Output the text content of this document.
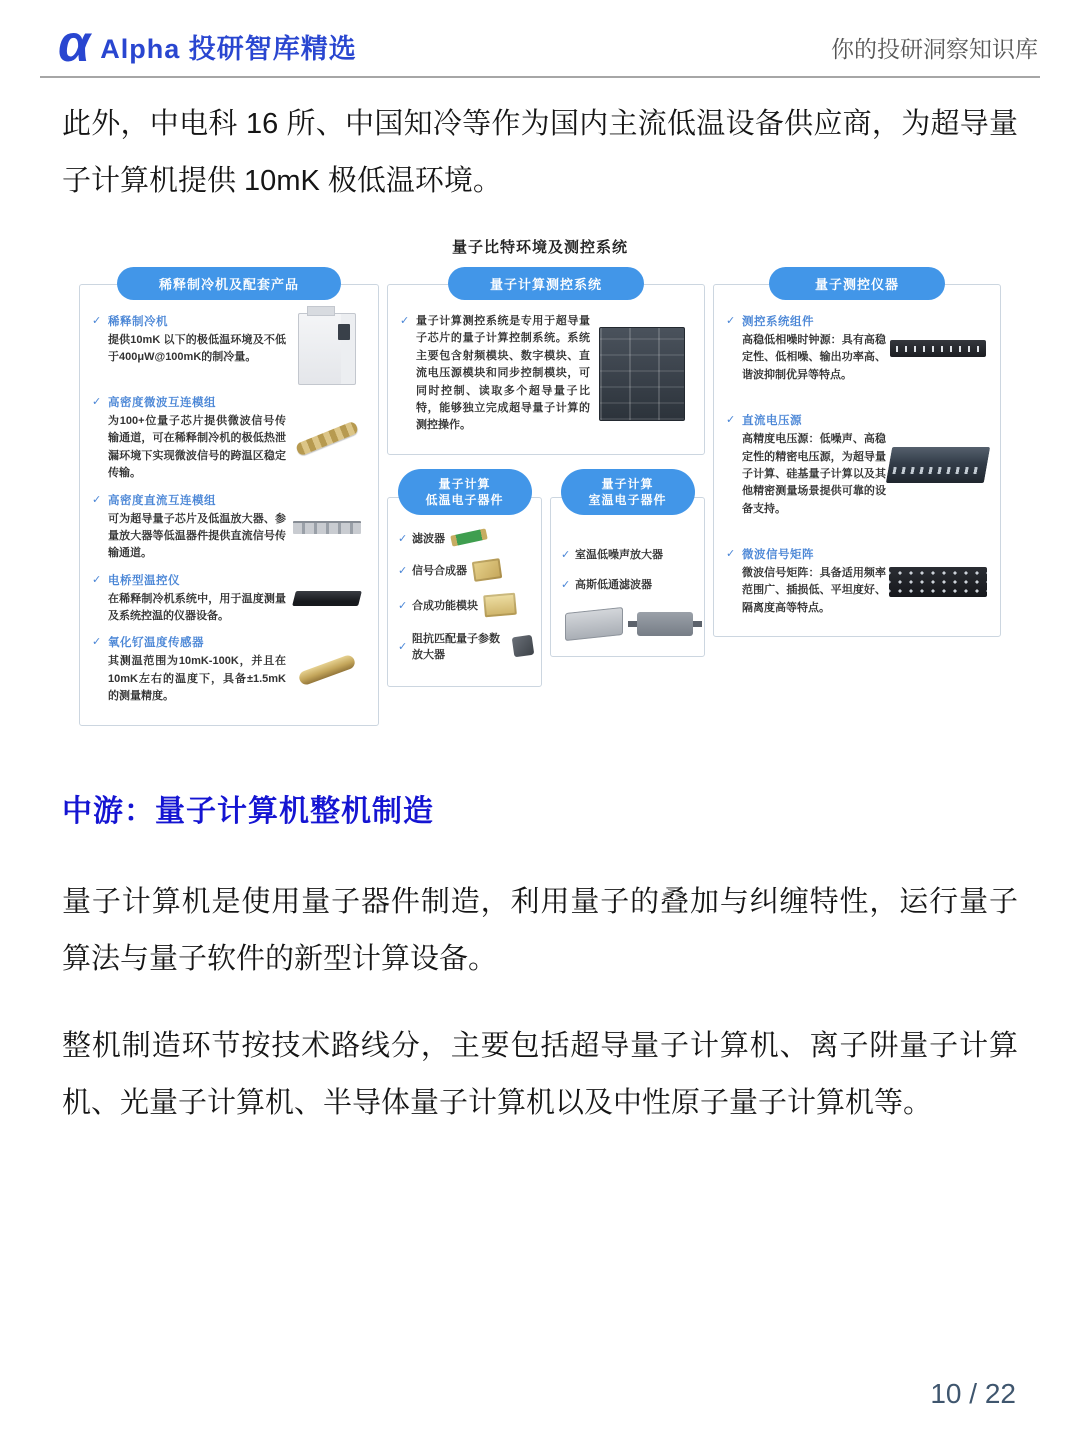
α Alpha 投研智库精选	你的投研洞察知识库

此外，中电科 16 所、中国知冷等作为国内主流低温设备供应商，为超导量子计算机提供 10mK 极低温环境。

量子比特环境及测控系统
稀释制冷机及配套产品
✓ 稀释制冷机
提供10mK 以下的极低温环境及不低于400μW@100mK的制冷量。
✓ 高密度微波互连模组
为100+位量子芯片提供微波信号传输通道，可在稀释制冷机的极低热泄漏环境下实现微波信号的跨温区稳定传输。
✓ 高密度直流互连模组
可为超导量子芯片及低温放大器、参量放大器等低温器件提供直流信号传输通道。
✓ 电桥型温控仪
在稀释制冷机系统中，用于温度测量及系统控温的仪器设备。
✓ 氧化钌温度传感器
其测温范围为10mK-100K，并且在10mK左右的温度下，具备±1.5mK的测量精度。
量子计算测控系统
✓ 量子计算测控系统是专用于超导量子芯片的量子计算控制系统。系统主要包含射频模块、数字模块、直流电压源模块和同步控制模块，可同时控制、读取多个超导量子比特，能够独立完成超导量子计算的测控操作。
量子计算
低温电子器件
✓ 滤波器
✓ 信号合成器
✓ 合成功能模块
✓
阻抗匹配量子参数放大器
量子计算
室温电子器件
✓ 室温低噪声放大器
✓ 高斯低通滤波器
量子测控仪器
✓ 测控系统组件
高稳低相噪时钟源：具有高稳定性、低相噪、输出功率高、谐波抑制优异等特点。
✓ 直流电压源
高精度电压源：低噪声、高稳定性的精密电压源，为超导量子计算、硅基量子计算以及其他精密测量场景提供可靠的设备支持。
✓ 微波信号矩阵
微波信号矩阵：具备适用频率范围广、插损低、平坦度好、隔离度高等特点。
中游：量子计算机整机制造

量子计算机是使用量子器件制造，利用量子的叠加与纠缠特性，运行量子算法与量子软件的新型计算设备。

整机制造环节按技术路线分，主要包括超导量子计算机、离子阱量子计算机、光量子计算机、半导体量子计算机以及中性原子量子计算机等。

10 / 22
